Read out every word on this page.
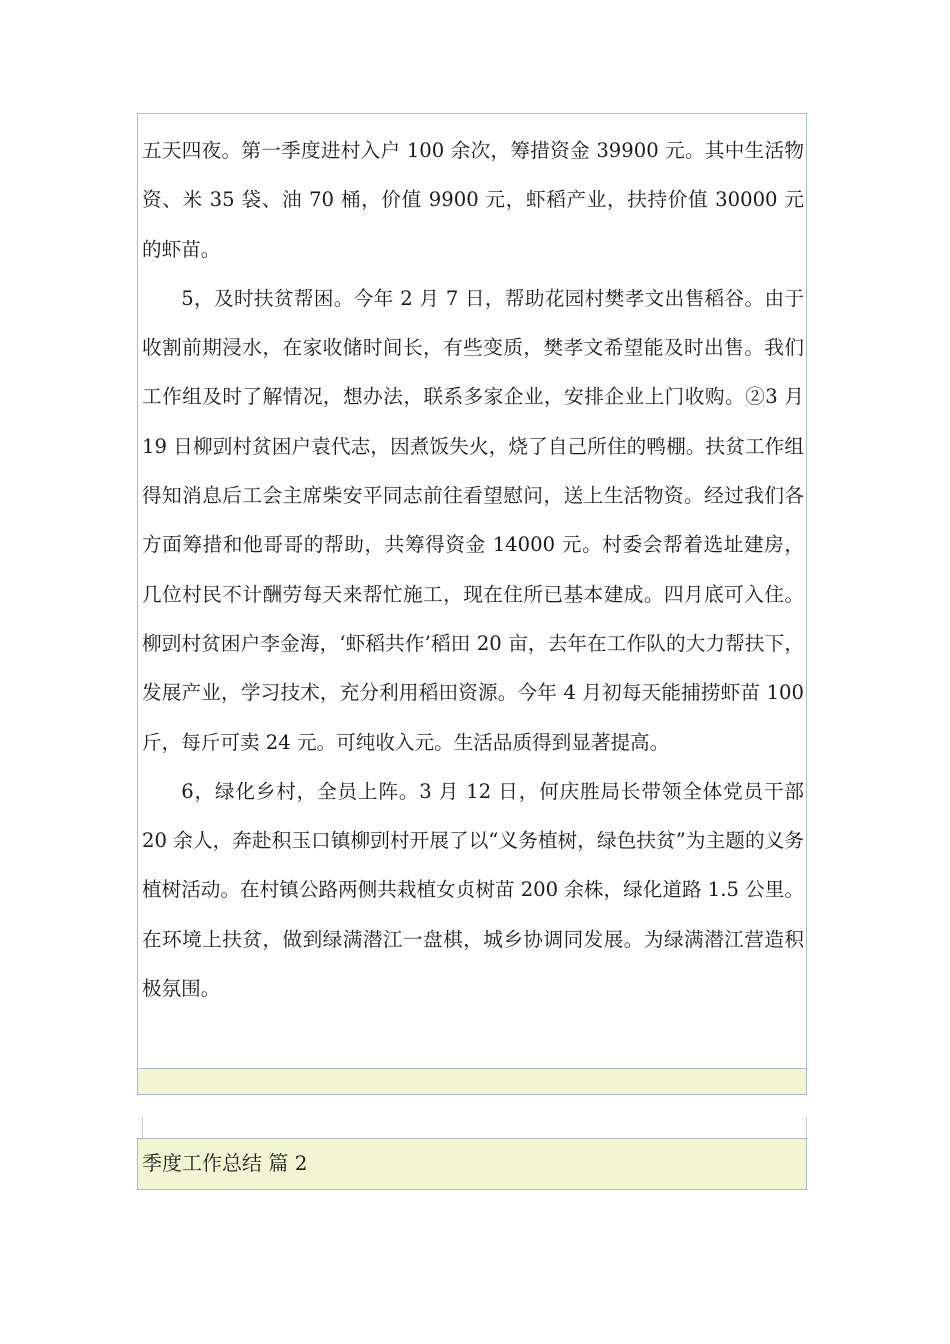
五天四夜。第一季度进村入户 100 余次，筹措资金 39900 元。其中生活物资、米 35 袋、油 70 桶，价值 9900 元，虾稻产业，扶持价值 30000 元的虾苗。

5，及时扶贫帮困。今年 2 月 7 日，帮助花园村樊孝文出售稻谷。由于收割前期浸水，在家收储时间长，有些变质，樊孝文希望能及时出售。我们工作组及时了解情况，想办法，联系多家企业，安排企业上门收购。②3 月 19 日柳剅村贫困户袁代志，因煮饭失火，烧了自己所住的鸭棚。扶贫工作组得知消息后工会主席柴安平同志前往看望慰问，送上生活物资。经过我们各方面筹措和他哥哥的帮助，共筹得资金 14000 元。村委会帮着选址建房，几位村民不计酬劳每天来帮忙施工，现在住所已基本建成。四月底可入住。 柳剅村贫困户李金海，‘虾稻共作’稻田 20 亩，去年在工作队的大力帮扶下，发展产业，学习技术，充分利用稻田资源。今年 4 月初每天能捕捞虾苗 100 斤，每斤可卖 24 元。可纯收入元。生活品质得到显著提高。

6，绿化乡村，全员上阵。3 月 12 日，何庆胜局长带领全体党员干部 20 余人，奔赴积玉口镇柳剅村开展了以“义务植树，绿色扶贫”为主题的义务植树活动。在村镇公路两侧共栽植女贞树苗 200 余株，绿化道路 1.5 公里。在环境上扶贫，做到绿满潜江一盘棋，城乡协调同发展。为绿满潜江营造积极氛围。

季度工作总结 篇 2
